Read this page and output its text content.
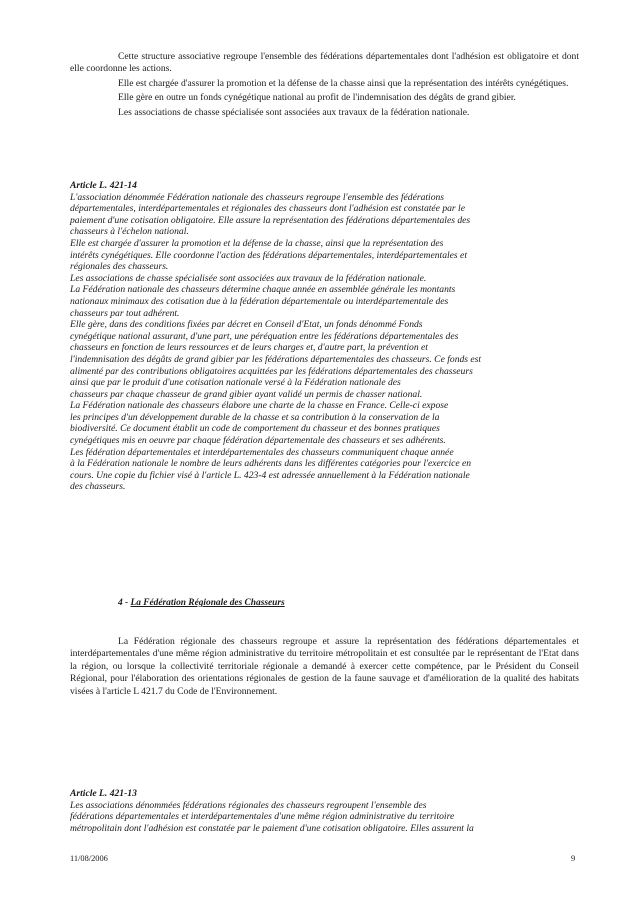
Cette structure associative regroupe l'ensemble des fédérations départementales dont l'adhésion est obligatoire et dont elle coordonne les actions.

Elle est chargée d'assurer la promotion et la défense de la chasse ainsi que la représentation des intérêts cynégétiques.

Elle gère en outre un fonds cynégétique national au profit de l'indemnisation des dégâts de grand gibier.

Les associations de chasse spécialisée sont associées aux travaux de la fédération nationale.

Article L. 421-14

L'association dénommée Fédération nationale des chasseurs regroupe l'ensemble des fédérations

départementales, interdépartementales et régionales des chasseurs dont l'adhésion est constatée par le

paiement d'une cotisation obligatoire. Elle assure la représentation des fédérations départementales des

chasseurs à l'échelon national.

Elle est chargée d'assurer la promotion et la défense de la chasse, ainsi que la représentation des

intérêts cynégétiques. Elle coordonne l'action des fédérations départementales, interdépartementales et

régionales des chasseurs.

Les associations de chasse spécialisée sont associées aux travaux de la fédération nationale.

La Fédération nationale des chasseurs détermine chaque année en assemblée générale les montants

nationaux minimaux des cotisation due à la fédération départementale ou interdépartementale des

chasseurs par tout adhérent.

Elle gère, dans des conditions fixées par décret en Conseil d'Etat, un fonds dénommé Fonds

cynégétique national assurant, d'une part, une péréquation entre les fédérations départementales des

chasseurs en fonction de leurs ressources et de leurs charges et, d'autre part, la prévention et

l'indemnisation des dégâts de grand gibier par les fédérations départementales des chasseurs. Ce fonds est

alimenté par des contributions obligatoires acquittées par les fédérations départementales des chasseurs

ainsi que par le produit d'une cotisation nationale versé à la Fédération nationale des

chasseurs par chaque chasseur de grand gibier ayant validé un permis de chasser national.

La Fédération nationale des chasseurs élabore une charte de la chasse en France. Celle-ci expose

les principes d'un développement durable de la chasse et sa contribution à la conservation de la

biodiversité. Ce document établit un code de comportement du chasseur et des bonnes pratiques

cynégétiques mis en oeuvre par chaque fédération départementale des chasseurs et ses adhérents.

Les fédération départementales et interdépartementales des chasseurs communiquent chaque année

à la Fédération nationale le nombre de leurs adhérents dans les différentes catégories pour l'exercice en

cours. Une copie du fichier visé à l'article L. 423-4 est adressée annuellement à la Fédération nationale

des chasseurs.

4 - La Fédération Régionale des Chasseurs

La Fédération régionale des chasseurs regroupe et assure la représentation des fédérations départementales et interdépartementales d'une même région administrative du territoire métropolitain et est consultée par le représentant de l'Etat dans la région, ou lorsque la collectivité territoriale régionale a demandé à exercer cette compétence, par le Président du Conseil Régional, pour l'élaboration des orientations régionales de gestion de la faune sauvage et d'amélioration de la qualité des habitats visées à l'article L 421.7 du Code de l'Environnement.

Article L. 421-13

Les associations dénommées fédérations régionales des chasseurs regroupent l'ensemble des

fédérations départementales et interdépartementales d'une même région administrative du territoire

métropolitain dont l'adhésion est constatée par le paiement d'une cotisation obligatoire. Elles assurent la

11/08/2006	9
